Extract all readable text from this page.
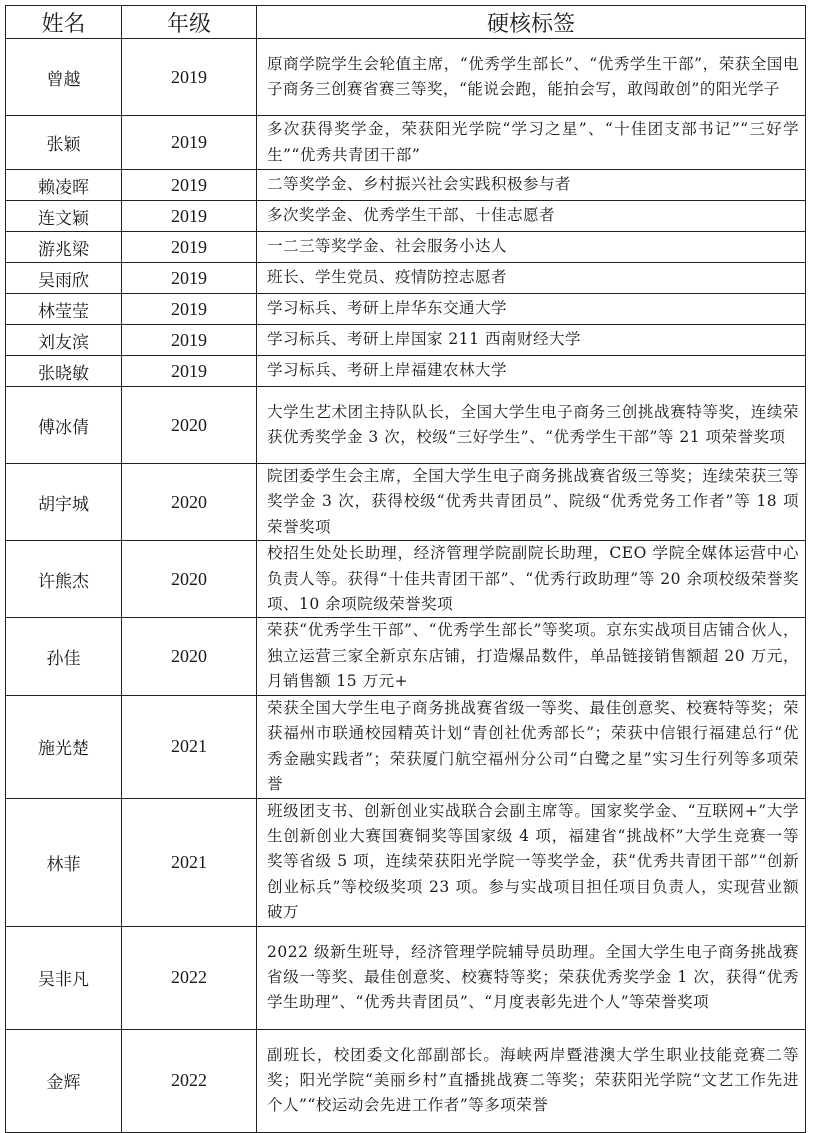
姓名	年级	硬核标签
曾越	2019	原商学院学生会轮值主席，“优秀学生部长”、“优秀学生干部”，荣获全国电子商务三创赛省赛三等奖，“能说会跑，能拍会写，敢闯敢创”的阳光学子
张颖	2019	多次获得奖学金，荣获阳光学院“学习之星”、“十佳团支部书记”“三好学生”“优秀共青团干部”
赖凌晖	2019	二等奖学金、乡村振兴社会实践积极参与者
连文颖	2019	多次奖学金、优秀学生干部、十佳志愿者
游兆梁	2019	一二三等奖学金、社会服务小达人
吴雨欣	2019	班长、学生党员、疫情防控志愿者
林莹莹	2019	学习标兵、考研上岸华东交通大学
刘友滨	2019	学习标兵、考研上岸国家 211 西南财经大学
张晓敏	2019	学习标兵、考研上岸福建农林大学
傅冰倩	2020	大学生艺术团主持队队长，全国大学生电子商务三创挑战赛特等奖，连续荣获优秀奖学金 3 次，校级“三好学生”、“优秀学生干部”等 21 项荣誉奖项
胡宇城	2020	院团委学生会主席，全国大学生电子商务挑战赛省级三等奖；连续荣获三等奖学金 3 次，获得校级“优秀共青团员”、院级“优秀党务工作者”等 18 项荣誉奖项
许熊杰	2020	校招生处处长助理，经济管理学院副院长助理，CEO 学院全媒体运营中心负责人等。获得“十佳共青团干部”、“优秀行政助理”等 20 余项校级荣誉奖项、10 余项院级荣誉奖项
孙佳	2020	荣获“优秀学生干部”、“优秀学生部长”等奖项。京东实战项目店铺合伙人，独立运营三家全新京东店铺，打造爆品数件，单品链接销售额超 20 万元，月销售额 15 万元+
施光楚	2021	荣获全国大学生电子商务挑战赛省级一等奖、最佳创意奖、校赛特等奖；荣获福州市联通校园精英计划“青创社优秀部长”；荣获中信银行福建总行“优秀金融实践者”；荣获厦门航空福州分公司“白鹭之星”实习生行列等多项荣誉
林菲	2021	班级团支书、创新创业实战联合会副主席等。国家奖学金、“互联网+”大学生创新创业大赛国赛铜奖等国家级 4 项，福建省“挑战杯”大学生竞赛一等奖等省级 5 项，连续荣获阳光学院一等奖学金，获“优秀共青团干部”“创新创业标兵”等校级奖项 23 项。参与实战项目担任项目负责人，实现营业额破万
吴非凡	2022	2022 级新生班导，经济管理学院辅导员助理。全国大学生电子商务挑战赛省级一等奖、最佳创意奖、校赛特等奖；荣获优秀奖学金 1 次，获得“优秀学生助理”、“优秀共青团员”、“月度表彰先进个人”等荣誉奖项
金辉	2022	副班长，校团委文化部副部长。海峡两岸暨港澳大学生职业技能竞赛二等奖；阳光学院“美丽乡村”直播挑战赛二等奖；荣获阳光学院“文艺工作先进个人”“校运动会先进工作者”等多项荣誉
